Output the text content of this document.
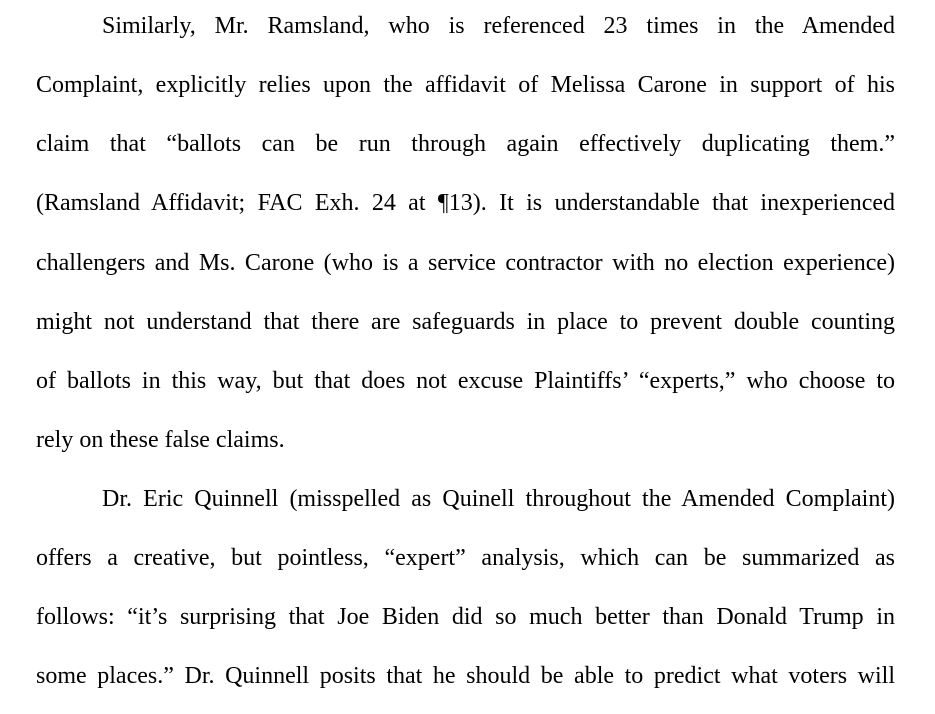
Similarly, Mr. Ramsland, who is referenced 23 times in the Amended
Complaint, explicitly relies upon the affidavit of Melissa Carone in support of his
claim that “ballots can be run through again effectively duplicating them.”
(Ramsland Affidavit; FAC Exh. 24 at ¶13). It is understandable that inexperienced
challengers and Ms. Carone (who is a service contractor with no election experience)
might not understand that there are safeguards in place to prevent double counting
of ballots in this way, but that does not excuse Plaintiffs’ “experts,” who choose to
rely on these false claims.
Dr. Eric Quinnell (misspelled as Quinell throughout the Amended Complaint)
offers a creative, but pointless, “expert” analysis, which can be summarized as
follows: “it’s surprising that Joe Biden did so much better than Donald Trump in
some places.” Dr. Quinnell posits that he should be able to predict what voters will
